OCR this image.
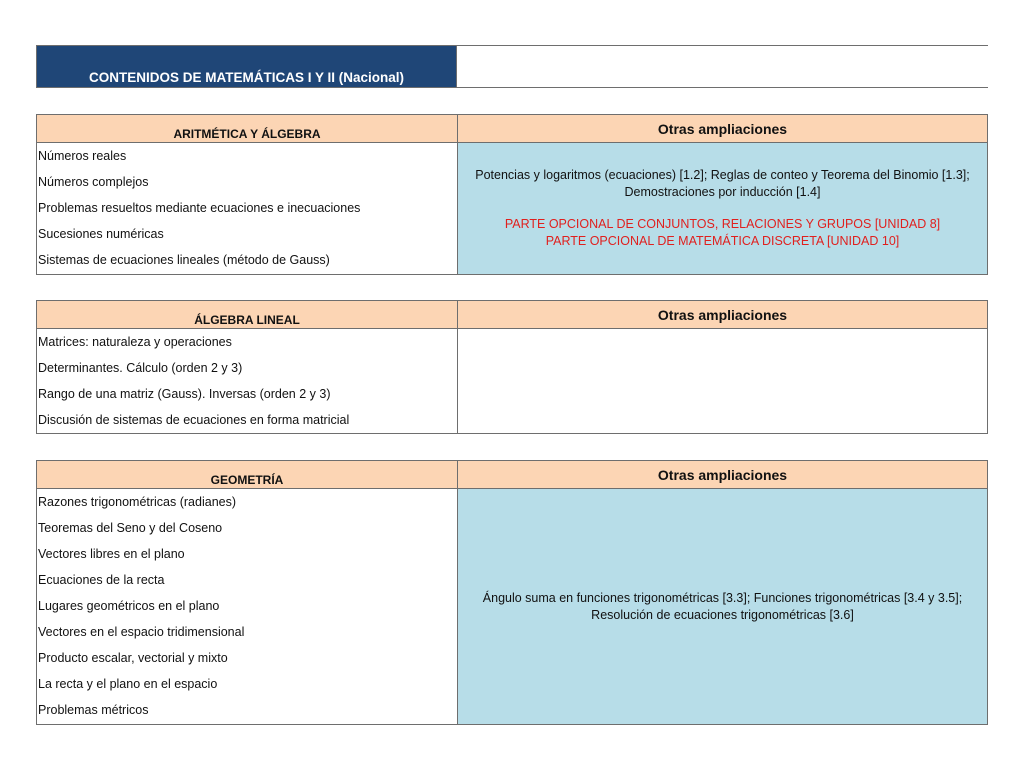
CONTENIDOS DE MATEMÁTICAS I Y II (Nacional)
ARITMÉTICA Y ÁLGEBRA	Otras ampliaciones
Números reales
Números complejos
Problemas resueltos mediante ecuaciones e inecuaciones
Sucesiones numéricas
Sistemas de ecuaciones lineales (método de Gauss)
Potencias y logaritmos (ecuaciones) [1.2]; Reglas de conteo y Teorema del Binomio [1.3];
Demostraciones por inducción [1.4]
PARTE OPCIONAL DE CONJUNTOS, RELACIONES Y GRUPOS [UNIDAD 8]
PARTE OPCIONAL DE MATEMÁTICA DISCRETA [UNIDAD 10]
ÁLGEBRA LINEAL	Otras ampliaciones
Matrices: naturaleza y operaciones
Determinantes. Cálculo (orden 2 y 3)
Rango de una matriz (Gauss). Inversas (orden 2 y 3)
Discusión de sistemas de ecuaciones en forma matricial
GEOMETRÍA	Otras ampliaciones
Razones trigonométricas (radianes)
Teoremas del Seno y del Coseno
Vectores libres en el plano
Ecuaciones de la recta
Lugares geométricos en el plano
Vectores en el espacio tridimensional
Producto escalar, vectorial y mixto
La recta y el plano en el espacio
Problemas métricos
Ángulo suma en funciones trigonométricas [3.3]; Funciones trigonométricas [3.4 y 3.5];
Resolución de ecuaciones trigonométricas [3.6]
